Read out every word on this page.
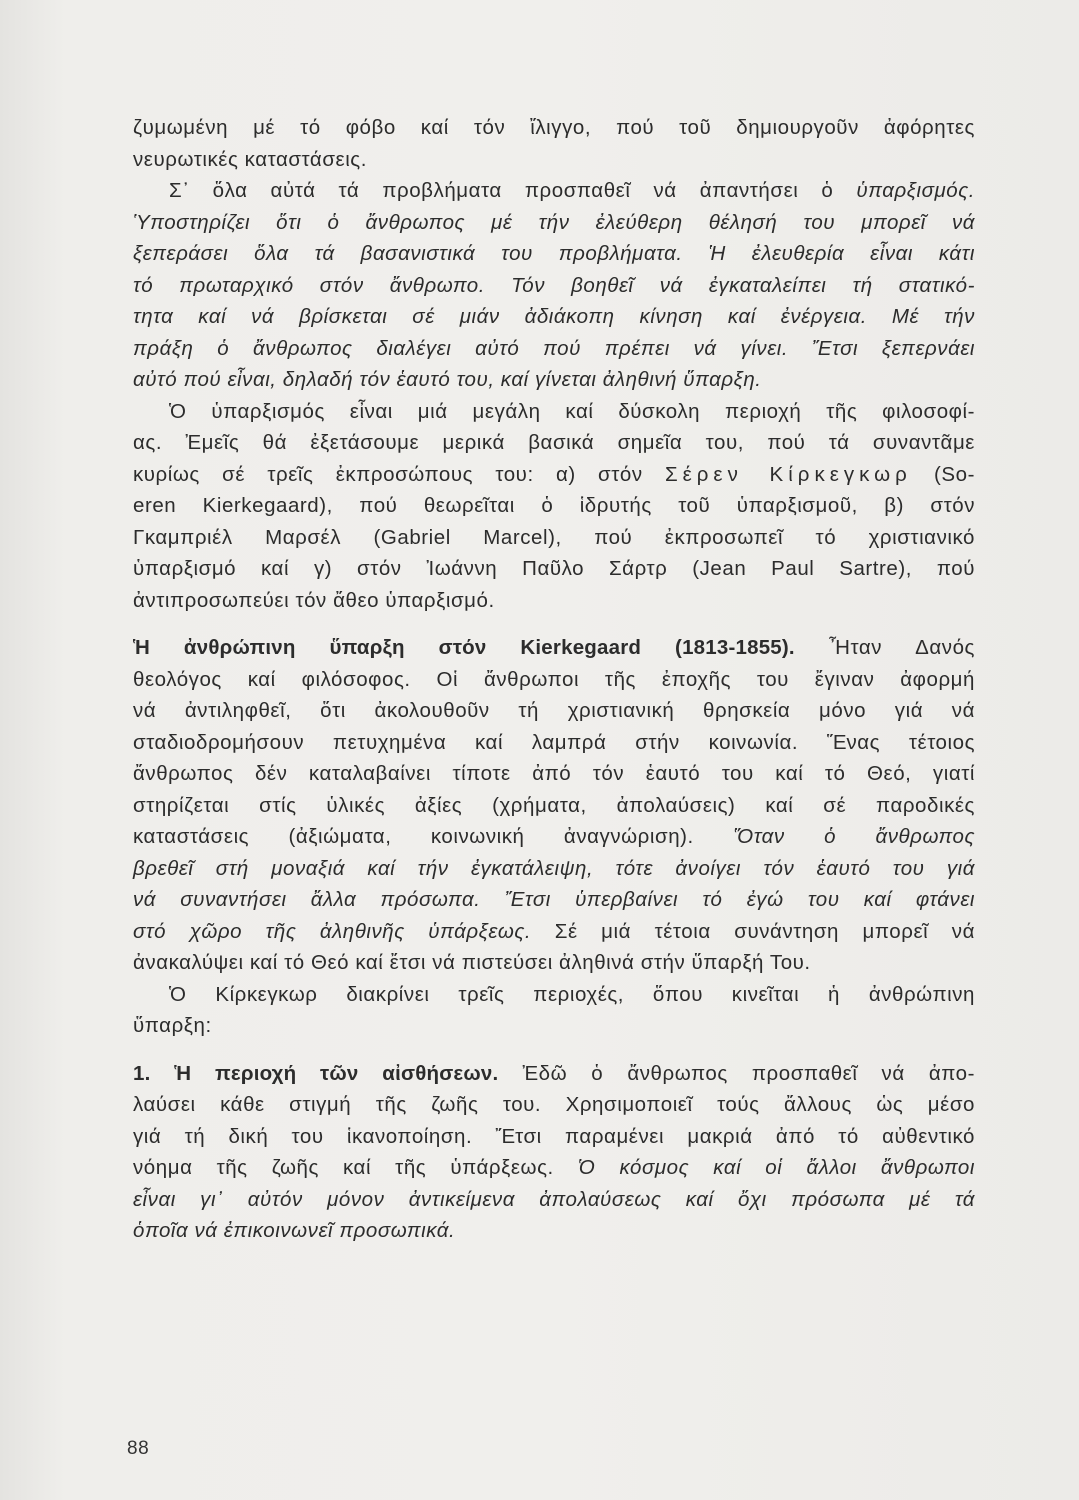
ζυμωμένη μέ τό φόβο καί τόν ἴλιγγο, πού τοῦ δημιουργοῦν ἀφόρητες
νευρωτικές καταστάσεις.
Σ᾿ ὅλα αὐτά τά προβλήματα προσπαθεῖ νά ἀπαντήσει ὁ ὑπαρξισμός.
Ὑποστηρίζει ὅτι ὁ ἄνθρωπος μέ τήν ἐλεύθερη θέλησή του μπορεῖ νά
ξεπεράσει ὅλα τά βασανιστικά του προβλήματα. Ἡ ἐλευθερία εἶναι κάτι
τό πρωταρχικό στόν ἄνθρωπο. Τόν βοηθεῖ νά ἐγκαταλείπει τή στατικό-
τητα καί νά βρίσκεται σέ μιάν ἀδιάκοπη κίνηση καί ἐνέργεια. Μέ τήν
πράξη ὁ ἄνθρωπος διαλέγει αὐτό πού πρέπει νά γίνει. Ἔτσι ξεπερνάει
αὐτό πού εἶναι, δηλαδή τόν ἑαυτό του, καί γίνεται ἀληθινή ὕπαρξη.
Ὁ ὑπαρξισμός εἶναι μιά μεγάλη καί δύσκολη περιοχή τῆς φιλοσοφί-
ας. Ἐμεῖς θά ἐξετάσουμε μερικά βασικά σημεῖα του, πού τά συναντᾶμε
κυρίως σέ τρεῖς ἐκπροσώπους του: α) στόν Σέρεν Κίρκεγκωρ (So-
eren Kierkegaard), πού θεωρεῖται ὁ ἱδρυτής τοῦ ὑπαρξισμοῦ, β) στόν
Γκαμπριέλ Μαρσέλ (Gabriel Marcel), πού ἐκπροσωπεῖ τό χριστιανικό
ὑπαρξισμό καί γ) στόν Ἰωάννη Παῦλο Σάρτρ (Jean Paul Sartre), πού
ἀντιπροσωπεύει τόν ἄθεο ὑπαρξισμό.
Ἡ ἀνθρώπινη ὕπαρξη στόν Kierkegaard (1813-1855). Ἦταν Δανός
θεολόγος καί φιλόσοφος. Οἱ ἄνθρωποι τῆς ἐποχῆς του ἔγιναν ἀφορμή
νά ἀντιληφθεῖ, ὅτι ἀκολουθοῦν τή χριστιανική θρησκεία μόνο γιά νά
σταδιοδρομήσουν πετυχημένα καί λαμπρά στήν κοινωνία. Ἕνας τέτοιος
ἄνθρωπος δέν καταλαβαίνει τίποτε ἀπό τόν ἑαυτό του καί τό Θεό, γιατί
στηρίζεται στίς ὑλικές ἀξίες (χρήματα, ἀπολαύσεις) καί σέ παροδικές
καταστάσεις (ἀξιώματα, κοινωνική ἀναγνώριση). Ὅταν ὁ ἄνθρωπος
βρεθεῖ στή μοναξιά καί τήν ἐγκατάλειψη, τότε ἀνοίγει τόν ἑαυτό του γιά
νά συναντήσει ἄλλα πρόσωπα. Ἔτσι ὑπερβαίνει τό ἐγώ του καί φτάνει
στό χῶρο τῆς ἀληθινῆς ὑπάρξεως. Σέ μιά τέτοια συνάντηση μπορεῖ νά
ἀνακαλύψει καί τό Θεό καί ἔτσι νά πιστεύσει ἀληθινά στήν ὕπαρξή Του.
Ὁ Κίρκεγκωρ διακρίνει τρεῖς περιοχές, ὅπου κινεῖται ἡ ἀνθρώπινη
ὕπαρξη:
1. Ἡ περιοχή τῶν αἰσθήσεων. Ἐδῶ ὁ ἄνθρωπος προσπαθεῖ νά ἀπο-
λαύσει κάθε στιγμή τῆς ζωῆς του. Χρησιμοποιεῖ τούς ἄλλους ὡς μέσο
γιά τή δική του ἱκανοποίηση. Ἔτσι παραμένει μακριά ἀπό τό αὐθεντικό
νόημα τῆς ζωῆς καί τῆς ὑπάρξεως. Ὁ κόσμος καί οἱ ἄλλοι ἄνθρωποι
εἶναι γι᾿ αὐτόν μόνον ἀντικείμενα ἀπολαύσεως καί ὄχι πρόσωπα μέ τά
ὁποῖα νά ἐπικοινωνεῖ προσωπικά.
88
